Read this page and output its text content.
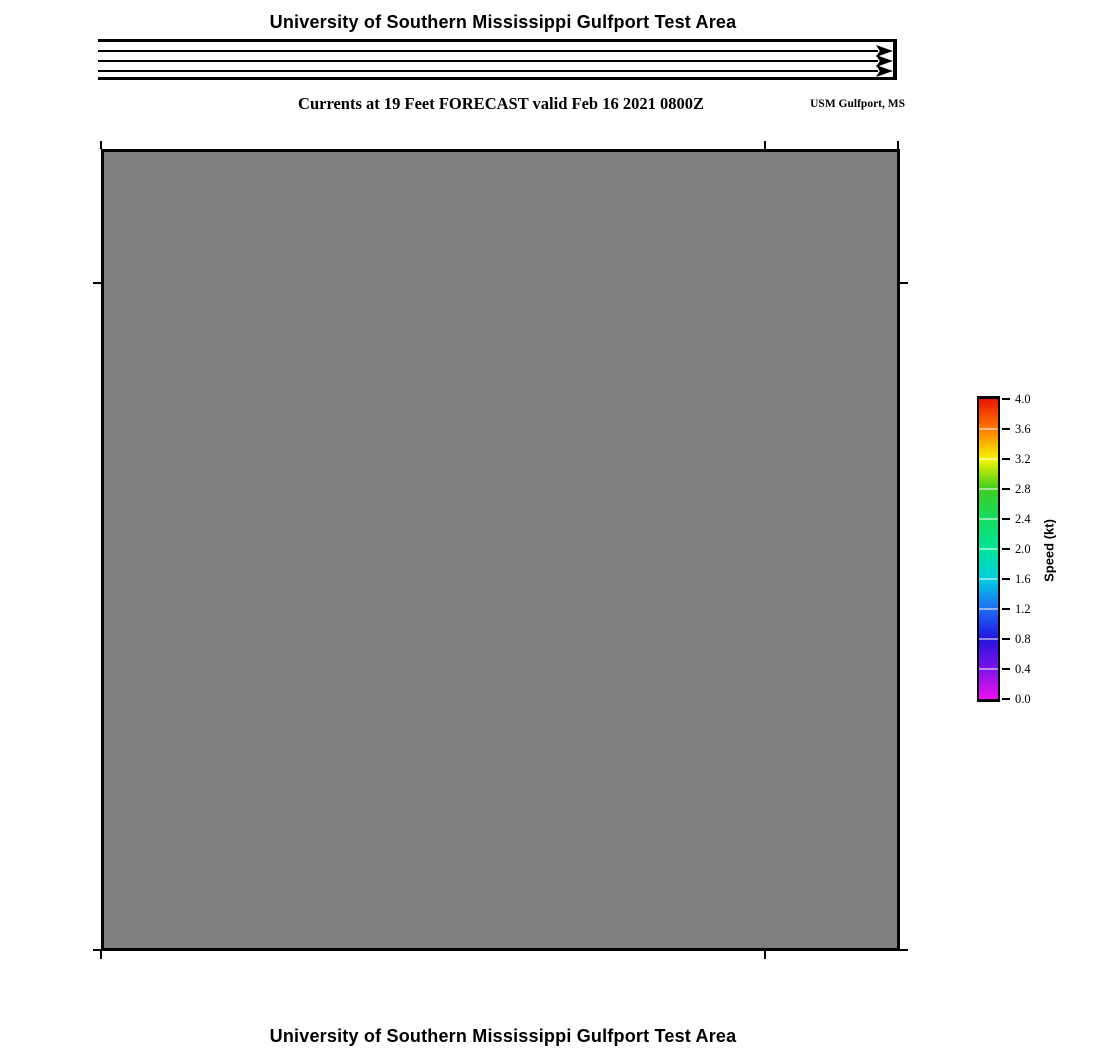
University of Southern Mississippi Gulfport Test Area
Currents at 19 Feet FORECAST valid Feb 16 2021 0800Z	USM Gulfport, MS
4.0
3.6
3.2
2.8
2.4
2.0
1.6
1.2
0.8
0.4
0.0
Speed (kt)
University of Southern Mississippi Gulfport Test Area
